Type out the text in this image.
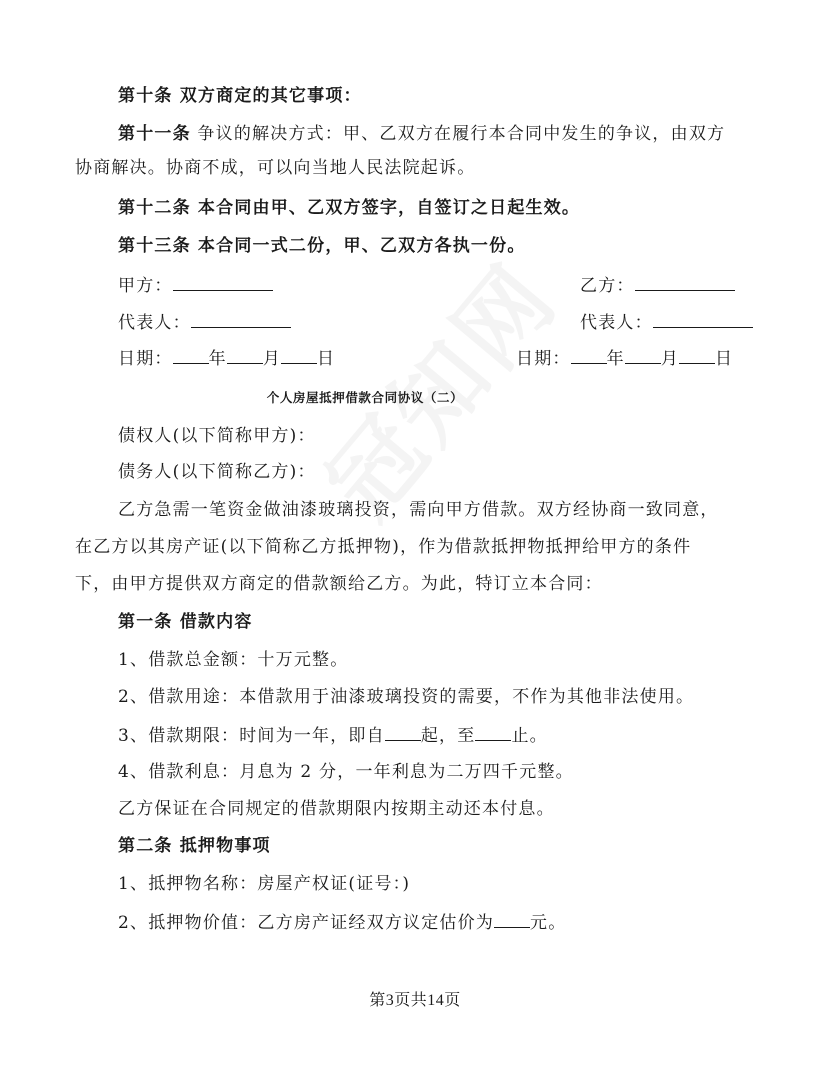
第十条 双方商定的其它事项：
第十一条 争议的解决方式：甲、乙双方在履行本合同中发生的争议，由双方
协商解决。协商不成，可以向当地人民法院起诉。
第十二条 本合同由甲、乙双方签字，自签订之日起生效。
第十三条 本合同一式二份，甲、乙双方各执一份。
甲方：	乙方：
代表人：	代表人：
日期： 年 月 日	日期： 年 月 日
个人房屋抵押借款合同协议（二）
债权人(以下简称甲方)：
债务人(以下简称乙方)：
乙方急需一笔资金做油漆玻璃投资，需向甲方借款。双方经协商一致同意，
在乙方以其房产证(以下简称乙方抵押物)，作为借款抵押物抵押给甲方的条件
下，由甲方提供双方商定的借款额给乙方。为此，特订立本合同：
第一条 借款内容
1、借款总金额：十万元整。
2、借款用途：本借款用于油漆玻璃投资的需要，不作为其他非法使用。
3、借款期限：时间为一年，即自 起，至 止。
4、借款利息：月息为 2 分，一年利息为二万四千元整。
乙方保证在合同规定的借款期限内按期主动还本付息。
第二条 抵押物事项
1、抵押物名称：房屋产权证(证号：)
2、抵押物价值：乙方房产证经双方议定估价为 元。
第3页共14页
